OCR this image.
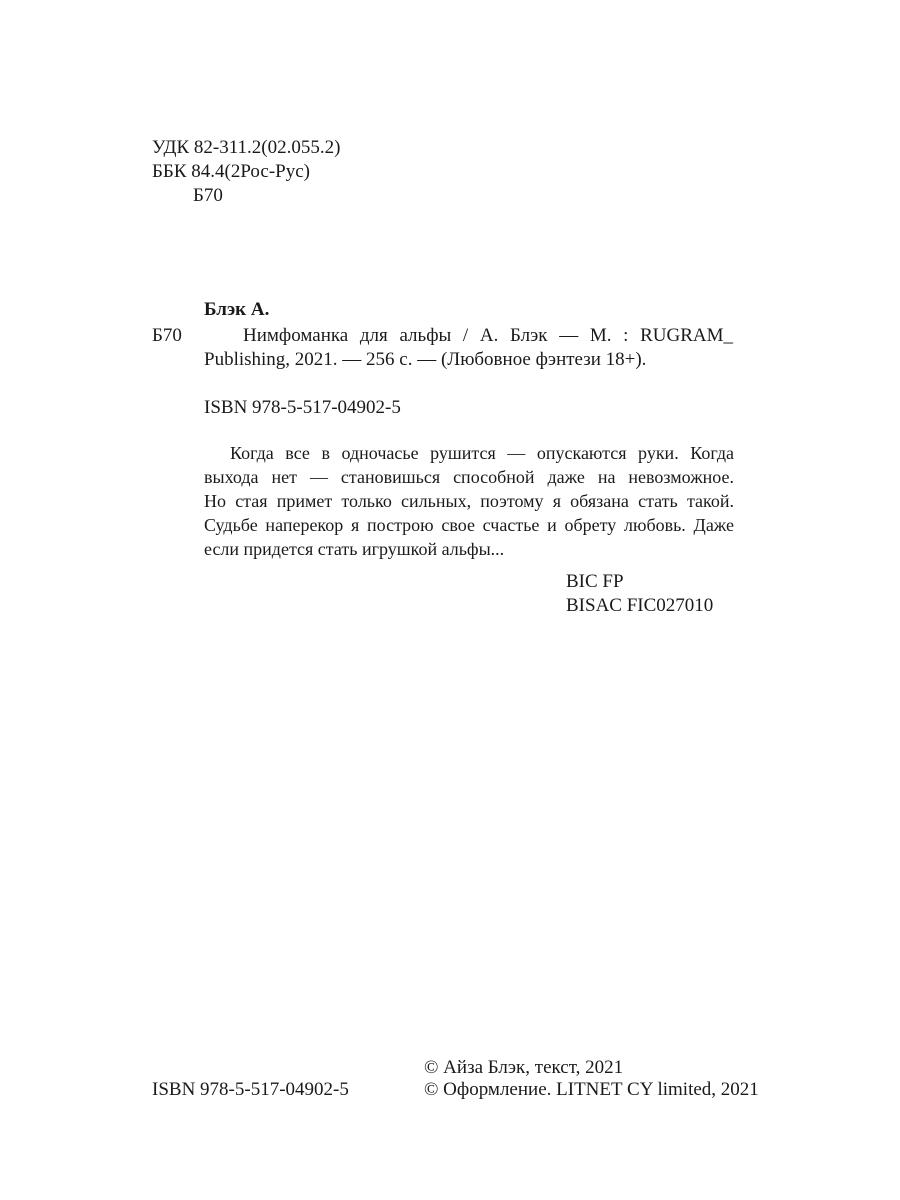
УДК 82-311.2(02.055.2)
ББК 84.4(2Рос-Рус)
Б70
Блэк А.
Б70	Нимфоманка для альфы / А. Блэк — М. : RUGRAM_
Publishing, 2021. — 256 с. — (Любовное фэнтези 18+).
ISBN 978-5-517-04902-5
Когда все в одночасье рушится — опускаются руки. Когда
выхода нет — становишься способной даже на невозможное.
Но стая примет только сильных, поэтому я обязана стать такой.
Судьбе наперекор я построю свое счастье и обрету любовь. Даже
если придется стать игрушкой альфы...
BIC FP
BISAC FIC027010
ISBN 978-5-517-04902-5
© Айза Блэк, текст, 2021
© Оформление. LITNET CY limited, 2021
